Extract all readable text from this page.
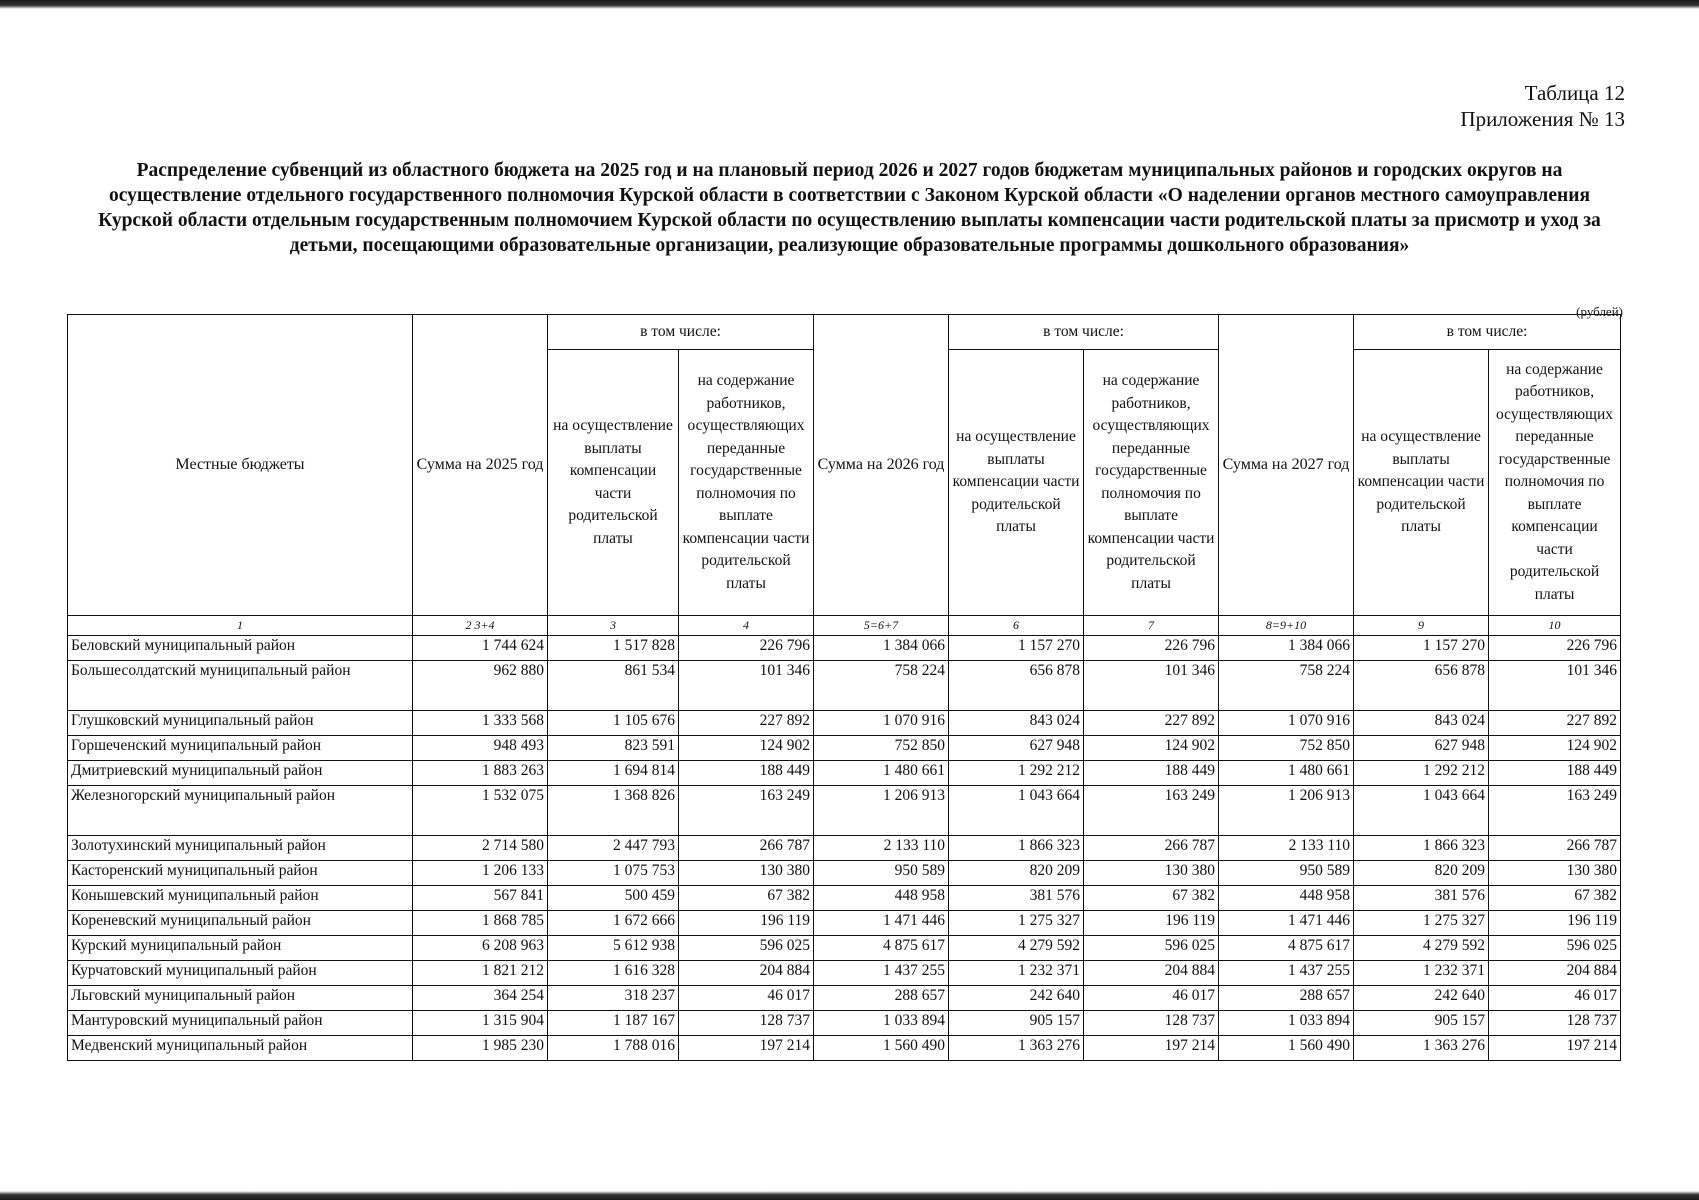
Таблица 12
Приложения № 13
Распределение субвенций из областного бюджета на 2025 год и на плановый период 2026 и 2027 годов бюджетам муниципальных районов и городских округов на осуществление отдельного государственного полномочия Курской области в соответствии с Законом Курской области «О наделении органов местного самоуправления Курской области отдельным государственным полномочием Курской области по осуществлению выплаты компенсации части родительской платы за присмотр и уход за детьми, посещающими образовательные организации, реализующие образовательные программы дошкольного образования»
(рублей)
Местные бюджеты	Сумма на 2025 год	в том числе:		Сумма на 2026 год	в том числе:		Сумма на 2027 год	в том числе:	
		на осуществление выплаты компенсации части родительской платы	на содержание работников, осуществляющих переданные государственные полномочия по выплате компенсации части родительской платы		на осуществление выплаты компенсации части родительской платы	на содержание работников, осуществляющих переданные государственные полномочия по выплате компенсации части родительской платы		на осуществление выплаты компенсации части родительской платы	на содержание работников, осуществляющих переданные государственные полномочия по выплате компенсации части родительской платы
1	2 3+4	3	4	5=6+7	6	7	8=9+10	9	10
Беловский муниципальный район	1 744 624	1 517 828	226 796	1 384 066	1 157 270	226 796	1 384 066	1 157 270	226 796
Большесолдатский муниципальный район	962 880	861 534	101 346	758 224	656 878	101 346	758 224	656 878	101 346
Глушковский муниципальный район	1 333 568	1 105 676	227 892	1 070 916	843 024	227 892	1 070 916	843 024	227 892
Горшеченский муниципальный район	948 493	823 591	124 902	752 850	627 948	124 902	752 850	627 948	124 902
Дмитриевский муниципальный район	1 883 263	1 694 814	188 449	1 480 661	1 292 212	188 449	1 480 661	1 292 212	188 449
Железногорский муниципальный район	1 532 075	1 368 826	163 249	1 206 913	1 043 664	163 249	1 206 913	1 043 664	163 249
Золотухинский муниципальный район	2 714 580	2 447 793	266 787	2 133 110	1 866 323	266 787	2 133 110	1 866 323	266 787
Касторенский муниципальный район	1 206 133	1 075 753	130 380	950 589	820 209	130 380	950 589	820 209	130 380
Конышевский муниципальный район	567 841	500 459	67 382	448 958	381 576	67 382	448 958	381 576	67 382
Кореневский муниципальный район	1 868 785	1 672 666	196 119	1 471 446	1 275 327	196 119	1 471 446	1 275 327	196 119
Курский муниципальный район	6 208 963	5 612 938	596 025	4 875 617	4 279 592	596 025	4 875 617	4 279 592	596 025
Курчатовский муниципальный район	1 821 212	1 616 328	204 884	1 437 255	1 232 371	204 884	1 437 255	1 232 371	204 884
Льговский муниципальный район	364 254	318 237	46 017	288 657	242 640	46 017	288 657	242 640	46 017
Мантуровский муниципальный район	1 315 904	1 187 167	128 737	1 033 894	905 157	128 737	1 033 894	905 157	128 737
Медвенский муниципальный район	1 985 230	1 788 016	197 214	1 560 490	1 363 276	197 214	1 560 490	1 363 276	197 214
